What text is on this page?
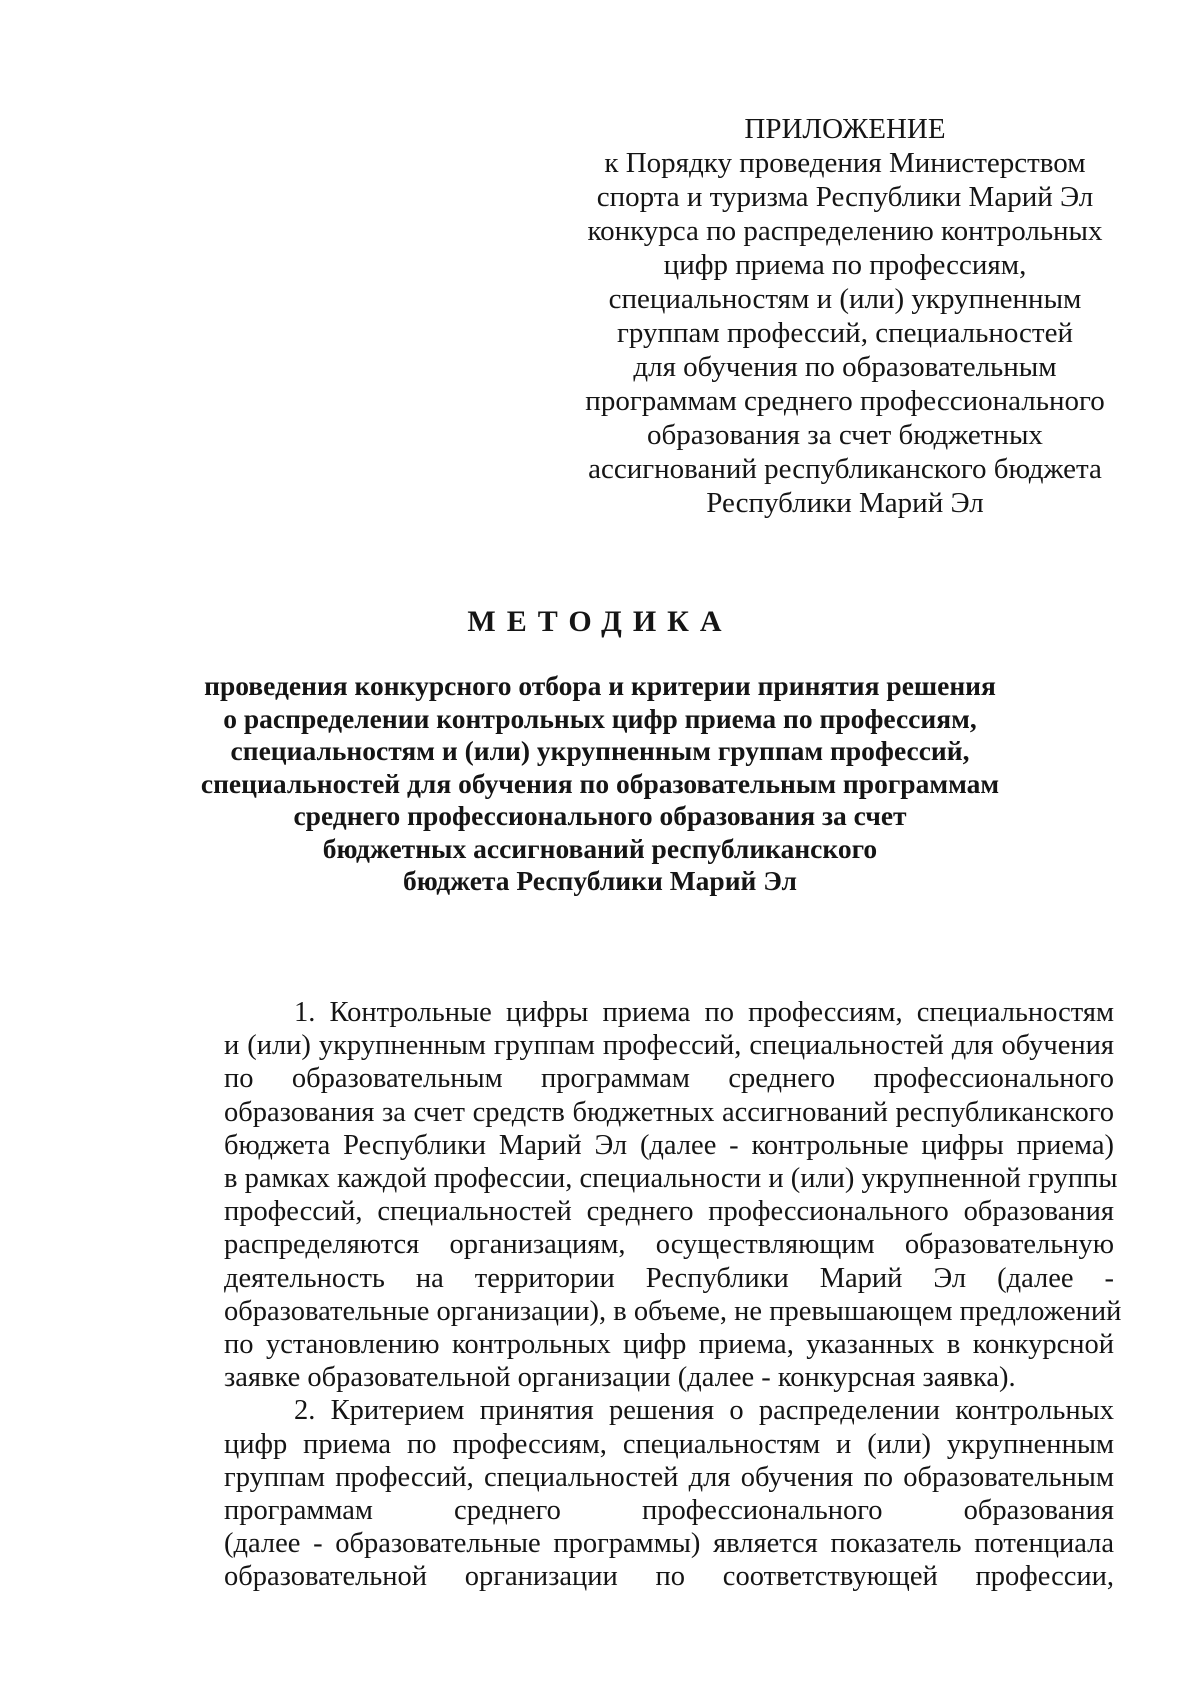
ПРИЛОЖЕНИЕ
к Порядку проведения Министерством
спорта и туризма Республики Марий Эл
конкурса по распределению контрольных
цифр приема по профессиям,
специальностям и (или) укрупненным
группам профессий, специальностей
для обучения по образовательным
программам среднего профессионального
образования за счет бюджетных
ассигнований республиканского бюджета
Республики Марий Эл
МЕТОДИКА
проведения конкурсного отбора и критерии принятия решения
о распределении контрольных цифр приема по профессиям,
специальностям и (или) укрупненным группам профессий,
специальностей для обучения по образовательным программам
среднего профессионального образования за счет
бюджетных ассигнований республиканского
бюджета Республики Марий Эл
1. Контрольные цифры приема по профессиям, специальностям
и (или) укрупненным группам профессий, специальностей для обучения
по образовательным программам среднего профессионального
образования за счет средств бюджетных ассигнований республиканского
бюджета Республики Марий Эл (далее - контрольные цифры приема)
в рамках каждой профессии, специальности и (или) укрупненной группы
профессий, специальностей среднего профессионального образования
распределяются организациям, осуществляющим образовательную
деятельность на территории Республики Марий Эл (далее -
образовательные организации), в объеме, не превышающем предложений
по установлению контрольных цифр приема, указанных в конкурсной
заявке образовательной организации (далее - конкурсная заявка).
2. Критерием принятия решения о распределении контрольных
цифр приема по профессиям, специальностям и (или) укрупненным
группам профессий, специальностей для обучения по образовательным
программам среднего профессионального образования
(далее - образовательные программы) является показатель потенциала
образовательной организации по соответствующей профессии,
